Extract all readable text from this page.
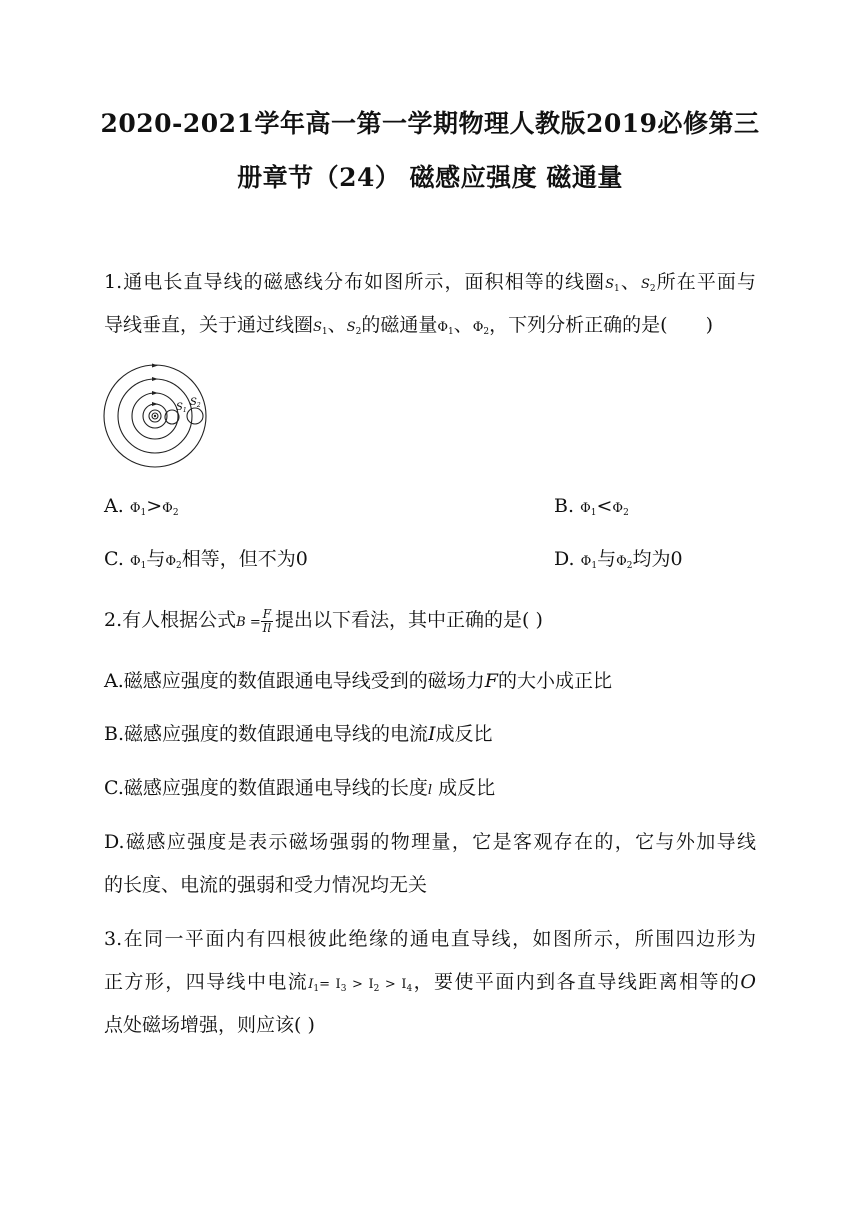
2020-2021学年高一第一学期物理人教版2019必修第三
册章节（24） 磁感应强度 磁通量
1.通电长直导线的磁感线分布如图所示，面积相等的线圈$S_1$、$S_2$所在平面与
导线垂直，关于通过线圈$S_1$、$S_2$的磁通量$\Phi_1$、$\Phi_2$，下列分析正确的是(　　)
$S_1$
$S_2$
A. $\Phi_1>\Phi_2$	B. $\Phi_1<\Phi_2$
C. $\Phi_1$与$\Phi_2$相等，但不为0	D. $\Phi_1$与$\Phi_2$均为0
2.有人根据公式$B = \frac{F}{Il}$ 提出以下看法，其中正确的是( )
A.磁感应强度的数值跟通电导线受到的磁场力F的大小成正比
B.磁感应强度的数值跟通电导线的电流I成反比
C.磁感应强度的数值跟通电导线的长度l 成反比
D.磁感应强度是表示磁场强弱的物理量，它是客观存在的，它与外加导线
的长度、电流的强弱和受力情况均无关
3.在同一平面内有四根彼此绝缘的通电直导线，如图所示，所围四边形为
正方形，四导线中电流$I_1= I_3 > I_2 > I_4$，要使平面内到各直导线距离相等的O
点处磁场增强，则应该( )
